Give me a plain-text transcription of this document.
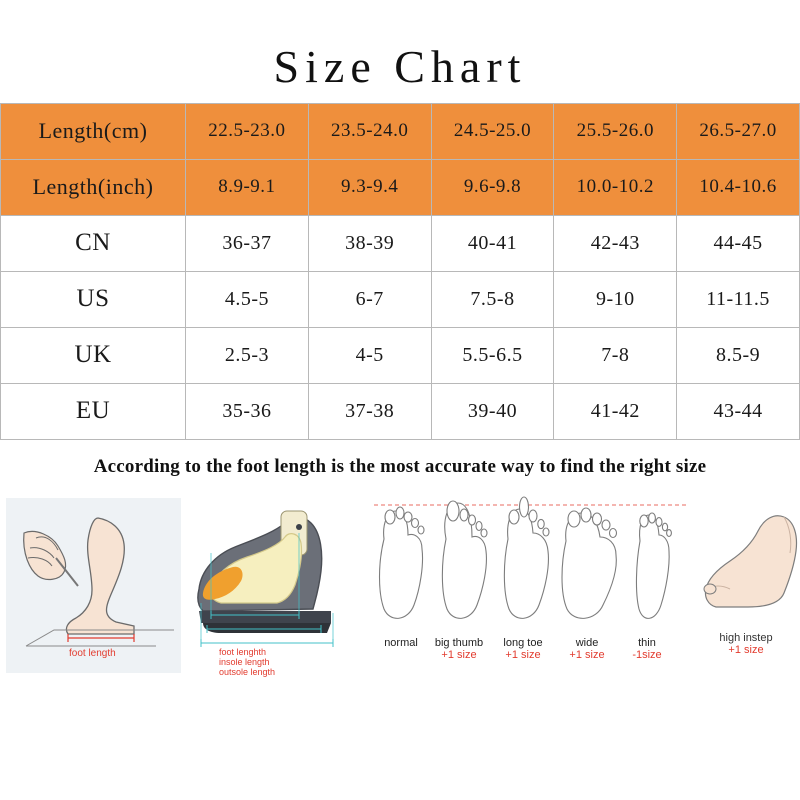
Size Chart
Length(cm)	22.5-23.0	23.5-24.0	24.5-25.0	25.5-26.0	26.5-27.0
Length(inch)	8.9-9.1	9.3-9.4	9.6-9.8	10.0-10.2	10.4-10.6
CN	36-37	38-39	40-41	42-43	44-45
US	4.5-5	6-7	7.5-8	9-10	11-11.5
UK	2.5-3	4-5	5.5-6.5	7-8	8.5-9
EU	35-36	37-38	39-40	41-42	43-44
According to the foot length is the most accurate way to find the right size
foot length	foot lenghth
insole length
outsole length
normal	big thumb
+1 size
long toe
+1 size
wide
+1 size
thin
-1size
high instep
+1 size
